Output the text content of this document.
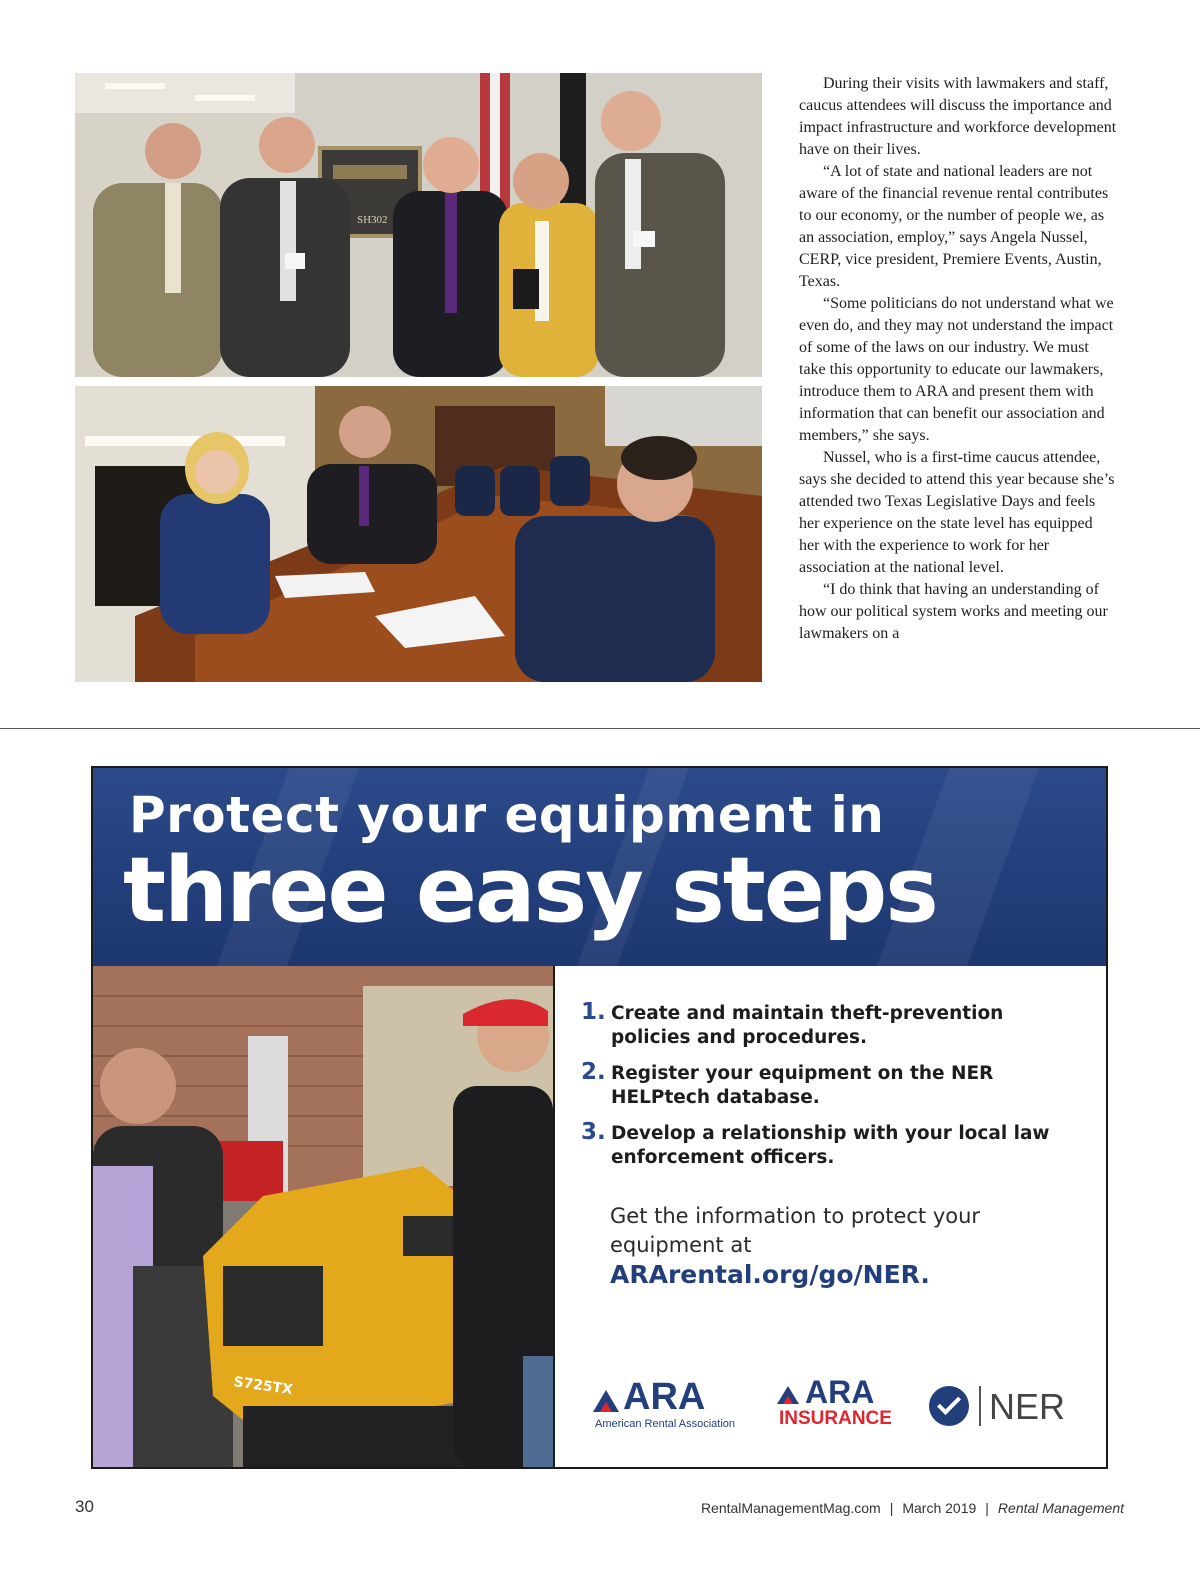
SH302

During their visits with lawmakers and staff, caucus attendees will discuss the importance and impact infrastructure and workforce development have on their lives.

“A lot of state and national leaders are not aware of the financial revenue rental contributes to our economy, or the number of people we, as an association, employ,” says Angela Nussel, CERP, vice president, Premiere Events, Austin, Texas.

“Some politicians do not understand what we even do, and they may not understand the impact of some of the laws on our industry. We must take this opportunity to educate our lawmakers, introduce them to ARA and present them with information that can benefit our association and members,” she says.

Nussel, who is a first-time caucus attendee, says she decided to attend this year because she’s attended two Texas Legislative Days and feels her experience on the state level has equipped her with the experience to work for her association at the national level.

“I do think that having an understanding of how our political system works and meeting our lawmakers on a

Protect your equipment in
three easy steps
S725TX
1. Create and maintain theft-prevention policies and procedures.
2. Register your equipment on the NER HELPtech database.
3. Develop a relationship with your local law enforcement officers.
Get the information to protect your equipment at
ARArental.org/go/NER.
ARA
American Rental Association
ARA
INSURANCE	NER
30	RentalManagementMag.com | March 2019 | Rental Management
